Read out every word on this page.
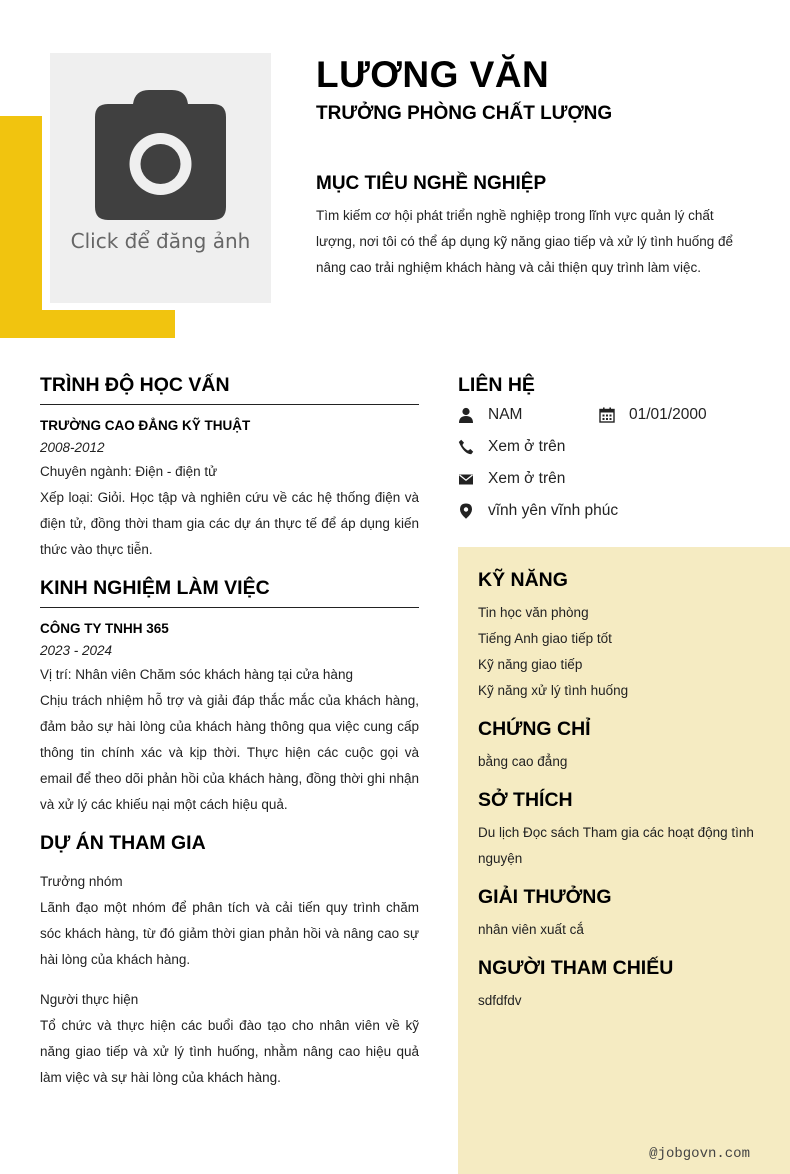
Click để đăng ảnh
LƯƠNG VĂN
TRƯỞNG PHÒNG CHẤT LƯỢNG
MỤC TIÊU NGHỀ NGHIỆP

Tìm kiếm cơ hội phát triển nghề nghiệp trong lĩnh vực quản lý chất lượng, nơi tôi có thể áp dụng kỹ năng giao tiếp và xử lý tình huống để nâng cao trải nghiệm khách hàng và cải thiện quy trình làm việc.

TRÌNH ĐỘ HỌC VẤN

TRƯỜNG CAO ĐẲNG KỸ THUẬT

2008-2012

Chuyên ngành: Điện - điện tử

Xếp loại: Giỏi. Học tập và nghiên cứu về các hệ thống điện và điện tử, đồng thời tham gia các dự án thực tế để áp dụng kiến thức vào thực tiễn.

KINH NGHIỆM LÀM VIỆC

CÔNG TY TNHH 365

2023 - 2024

Vị trí: Nhân viên Chăm sóc khách hàng tại cửa hàng

Chịu trách nhiệm hỗ trợ và giải đáp thắc mắc của khách hàng, đảm bảo sự hài lòng của khách hàng thông qua việc cung cấp thông tin chính xác và kịp thời. Thực hiện các cuộc gọi và email để theo dõi phản hồi của khách hàng, đồng thời ghi nhận và xử lý các khiếu nại một cách hiệu quả.

DỰ ÁN THAM GIA

Trưởng nhóm

Lãnh đạo một nhóm để phân tích và cải tiến quy trình chăm sóc khách hàng, từ đó giảm thời gian phản hồi và nâng cao sự hài lòng của khách hàng.

Người thực hiện

Tổ chức và thực hiện các buổi đào tạo cho nhân viên về kỹ năng giao tiếp và xử lý tình huống, nhằm nâng cao hiệu quả làm việc và sự hài lòng của khách hàng.

LIÊN HỆ
NAM	01/01/2000
Xem ở trên
Xem ở trên
vĩnh yên vĩnh phúc
KỸ NĂNG

Tin học văn phòng

Tiếng Anh giao tiếp tốt

Kỹ năng giao tiếp

Kỹ năng xử lý tình huống

CHỨNG CHỈ

bằng cao đẳng

SỞ THÍCH

Du lịch Đọc sách Tham gia các hoạt động tình nguyện

GIẢI THƯỞNG

nhân viên xuất cắ

NGƯỜI THAM CHIẾU

sdfdfdv

@jobgovn.com
